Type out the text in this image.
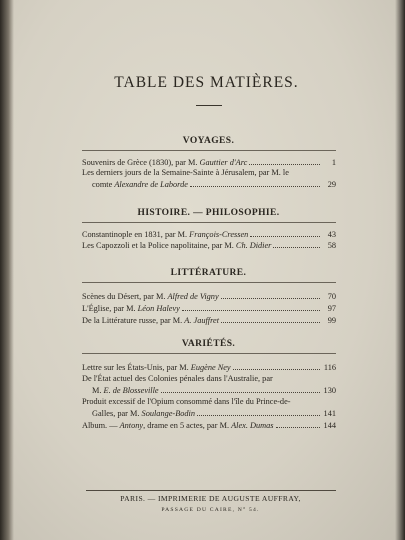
TABLE DES MATIÈRES.
VOYAGES.
Souvenirs de Grèce (1830), par M. Gauttier d'Arc	1
Les derniers jours de la Semaine-Sainte à Jérusalem, par M. le
comte Alexandre de Laborde	29
HISTOIRE. — PHILOSOPHIE.
Constantinople en 1831, par M. François-Cressen	43
Les Capozzoli et la Police napolitaine, par M. Ch. Didier	58
LITTÉRATURE.
Scènes du Désert, par M. Alfred de Vigny	70
L'Église, par M. Léon Halevy	97
De la Littérature russe, par M. A. Jauffret	99
VARIÉTÉS.
Lettre sur les États-Unis, par M. Eugène Ney	116
De l'État actuel des Colonies pénales dans l'Australie, par
M. E. de Blosseville	130
Produit excessif de l'Opium consommé dans l'île du Prince-de-
Galles, par M. Soulange-Bodin	141
Album. — Antony, drame en 5 actes, par M. Alex. Dumas	144
PARIS. — IMPRIMERIE DE AUGUSTE AUFFRAY,
PASSAGE DU CAIRE, N° 54.
